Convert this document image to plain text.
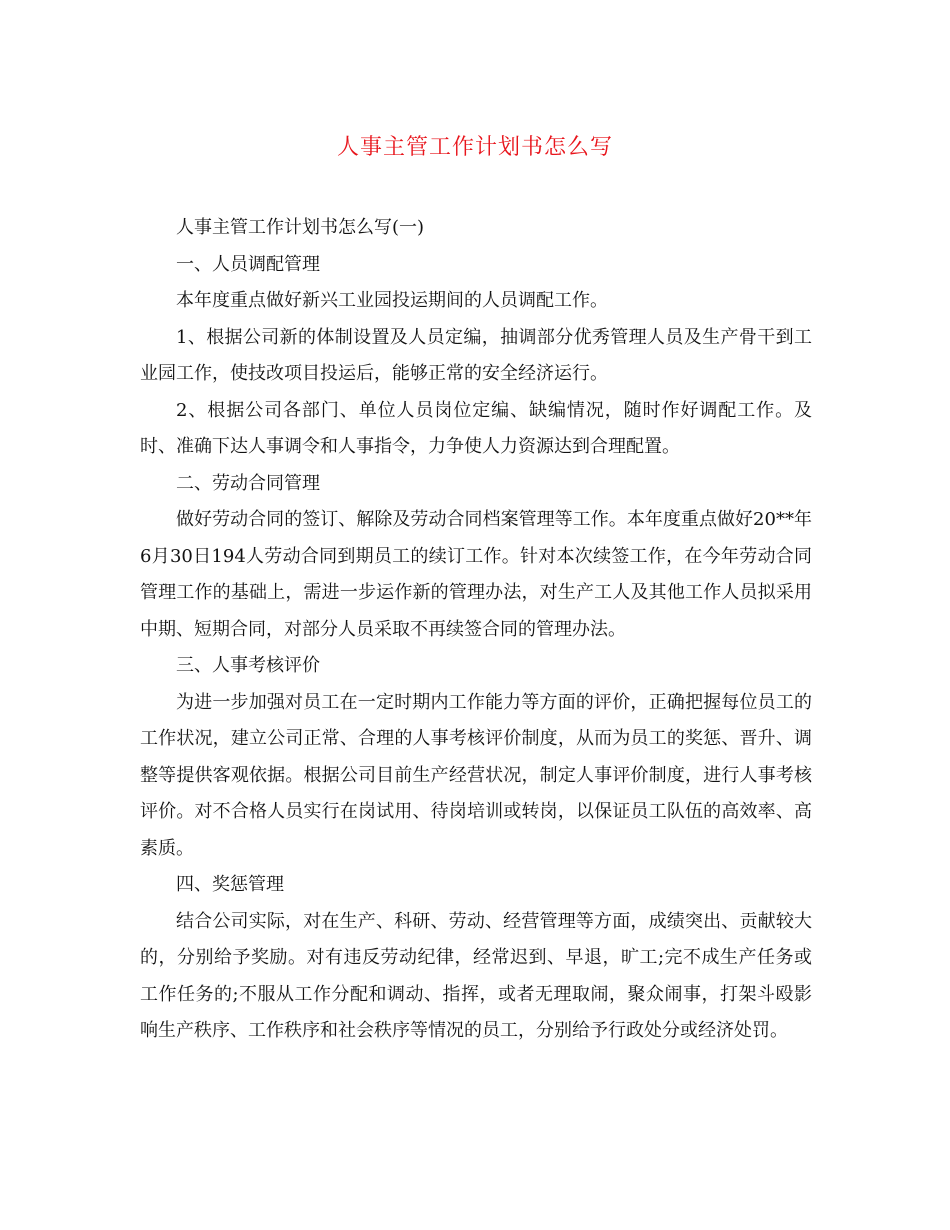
人事主管工作计划书怎么写

人事主管工作计划书怎么写(一)

一、人员调配管理

本年度重点做好新兴工业园投运期间的人员调配工作。

1、根据公司新的体制设置及人员定编，抽调部分优秀管理人员及生产骨干到工业园工作，使技改项目投运后，能够正常的安全经济运行。

2、根据公司各部门、单位人员岗位定编、缺编情况，随时作好调配工作。及时、准确下达人事调令和人事指令，力争使人力资源达到合理配置。

二、劳动合同管理

做好劳动合同的签订、解除及劳动合同档案管理等工作。本年度重点做好20**年6月30日194人劳动合同到期员工的续订工作。针对本次续签工作，在今年劳动合同管理工作的基础上，需进一步运作新的管理办法，对生产工人及其他工作人员拟采用中期、短期合同，对部分人员采取不再续签合同的管理办法。

三、人事考核评价

为进一步加强对员工在一定时期内工作能力等方面的评价，正确把握每位员工的工作状况，建立公司正常、合理的人事考核评价制度，从而为员工的奖惩、晋升、调整等提供客观依据。根据公司目前生产经营状况，制定人事评价制度，进行人事考核评价。对不合格人员实行在岗试用、待岗培训或转岗，以保证员工队伍的高效率、高素质。

四、奖惩管理

结合公司实际，对在生产、科研、劳动、经营管理等方面，成绩突出、贡献较大的，分别给予奖励。对有违反劳动纪律，经常迟到、早退，旷工;完不成生产任务或工作任务的;不服从工作分配和调动、指挥，或者无理取闹，聚众闹事，打架斗殴影响生产秩序、工作秩序和社会秩序等情况的员工，分别给予行政处分或经济处罚。
